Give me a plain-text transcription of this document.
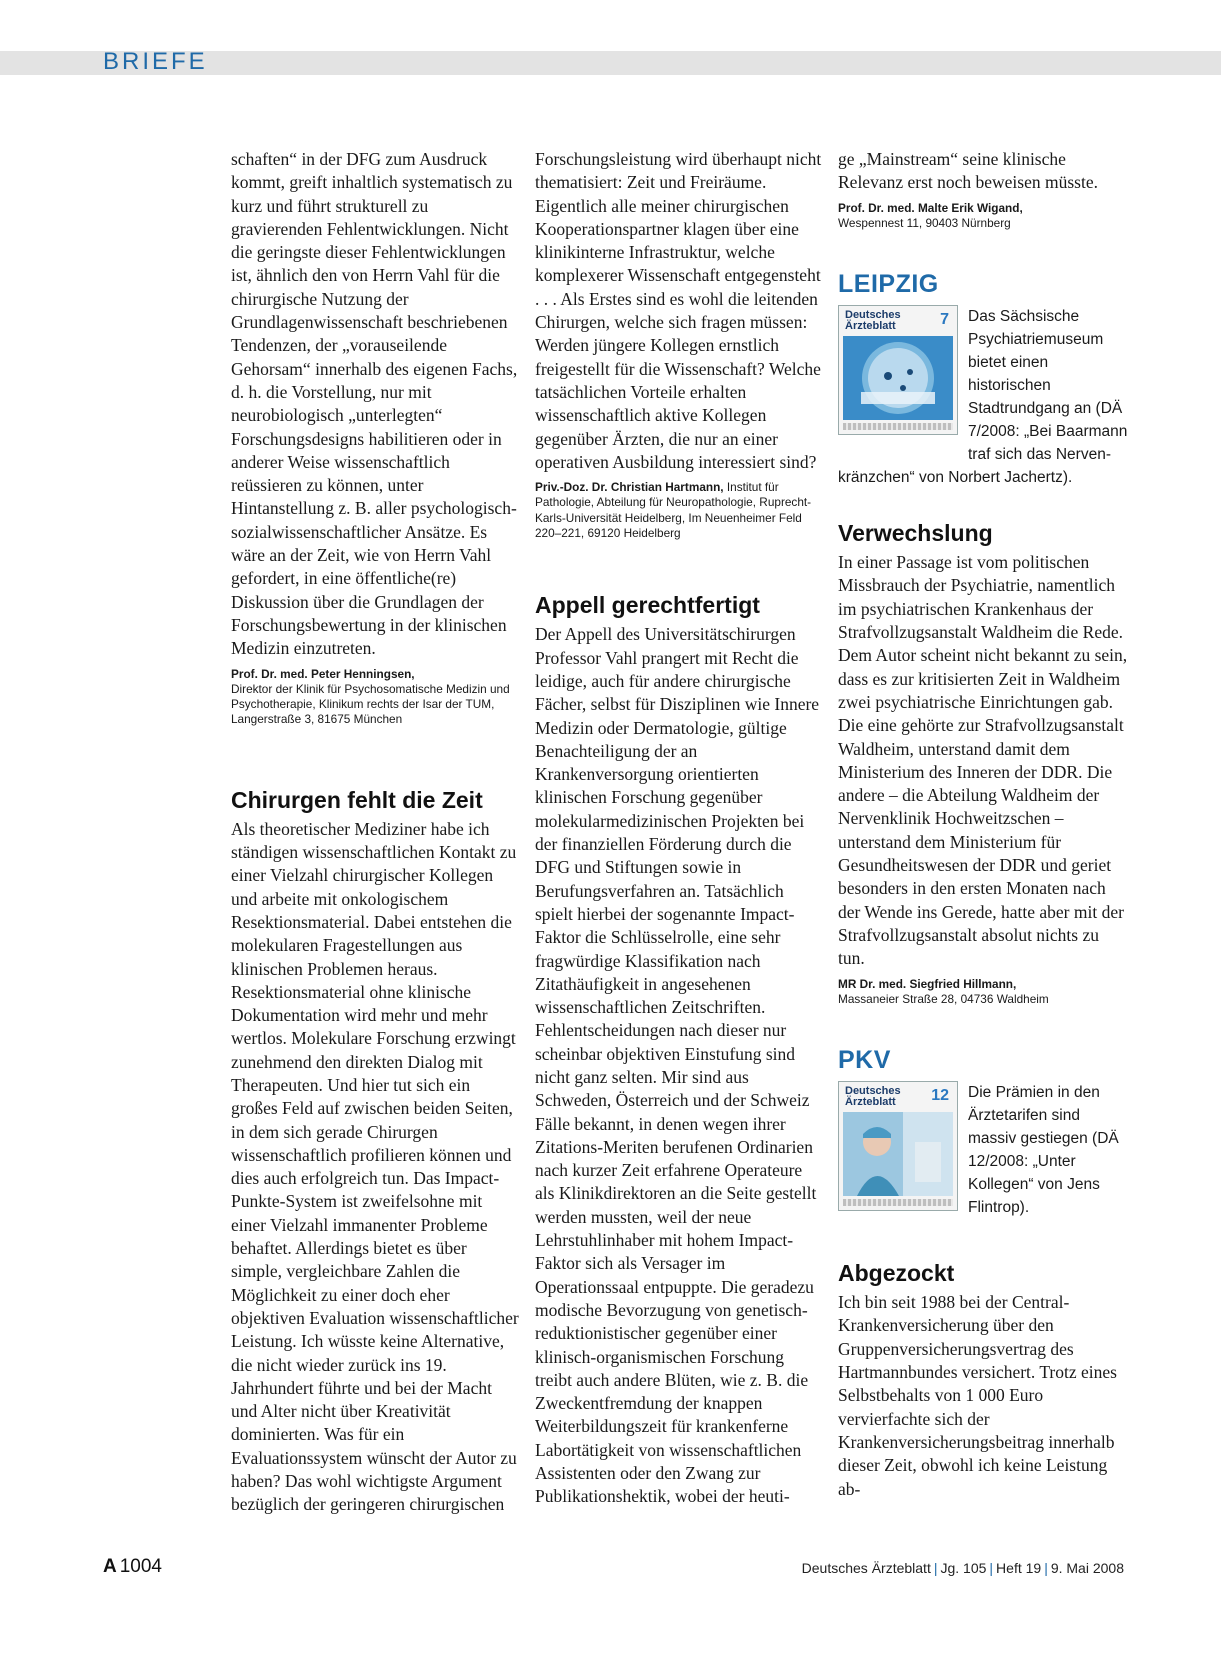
BRIEFE

schaften“ in der DFG zum Ausdruck kommt, greift inhaltlich systematisch zu kurz und führt strukturell zu gravierenden Fehlentwicklungen. Nicht die geringste dieser Fehlentwicklungen ist, ähnlich den von Herrn Vahl für die chirurgische Nutzung der Grundlagenwissenschaft beschriebenen Tendenzen, der „vorauseilende Gehorsam“ innerhalb des eigenen Fachs, d. h. die Vorstellung, nur mit neurobiologisch „unterlegten“ Forschungsdesigns habilitieren oder in anderer Weise wissenschaftlich reüssieren zu können, unter Hintanstellung z. B. aller psychologisch-sozialwissenschaftlicher Ansätze. Es wäre an der Zeit, wie von Herrn Vahl gefordert, in eine öffentliche(re) Diskussion über die Grundlagen der Forschungsbewertung in der klinischen Medizin einzutreten.

Prof. Dr. med. Peter Henningsen,
Direktor der Klinik für Psychosomatische Medizin und Psychotherapie, Klinikum rechts der Isar der TUM, Langerstraße 3, 81675 München

Chirurgen fehlt die Zeit

Als theoretischer Mediziner habe ich ständigen wissenschaftlichen Kontakt zu einer Vielzahl chirurgischer Kollegen und arbeite mit onkologischem Resektionsmaterial. Dabei entstehen die molekularen Fragestellungen aus klinischen Problemen heraus. Resektionsmaterial ohne klinische Dokumentation wird mehr und mehr wertlos. Molekulare Forschung erzwingt zunehmend den direkten Dialog mit Therapeuten. Und hier tut sich ein großes Feld auf zwischen beiden Seiten, in dem sich gerade Chirurgen wissenschaftlich profilieren können und dies auch erfolgreich tun. Das Impact-Punkte-System ist zweifelsohne mit einer Vielzahl immanenter Probleme behaftet. Allerdings bietet es über simple, vergleichbare Zahlen die Möglichkeit zu einer doch eher objektiven Evaluation wissenschaftlicher Leistung. Ich wüsste keine Alternative, die nicht wieder zurück ins 19. Jahrhundert führte und bei der Macht und Alter nicht über Kreativität dominierten. Was für ein Evaluationssystem wünscht der Autor zu haben? Das wohl wichtigste Argument bezüglich der geringeren chirurgischen

Forschungsleistung wird überhaupt nicht thematisiert: Zeit und Freiräume. Eigentlich alle meiner chirurgischen Kooperationspartner klagen über eine klinikinterne Infrastruktur, welche komplexerer Wissenschaft entgegensteht . . . Als Erstes sind es wohl die leitenden Chirurgen, welche sich fragen müssen: Werden jüngere Kollegen ernstlich freigestellt für die Wissenschaft? Welche tatsächlichen Vorteile erhalten wissenschaftlich aktive Kollegen gegenüber Ärzten, die nur an einer operativen Ausbildung interessiert sind?

Priv.-Doz. Dr. Christian Hartmann, Institut für Pathologie, Abteilung für Neuropathologie, Ruprecht-Karls-Universität Heidelberg, Im Neuenheimer Feld 220–221, 69120 Heidelberg

Appell gerechtfertigt

Der Appell des Universitätschirurgen Professor Vahl prangert mit Recht die leidige, auch für andere chirurgische Fächer, selbst für Disziplinen wie Innere Medizin oder Dermatologie, gültige Benachteiligung der an Krankenversorgung orientierten klinischen Forschung gegenüber molekularmedizinischen Projekten bei der finanziellen Förderung durch die DFG und Stiftungen sowie in Berufungsverfahren an. Tatsächlich spielt hierbei der sogenannte Impact-Faktor die Schlüsselrolle, eine sehr fragwürdige Klassifikation nach Zitathäufigkeit in angesehenen wissenschaftlichen Zeitschriften. Fehlentscheidungen nach dieser nur scheinbar objektiven Einstufung sind nicht ganz selten. Mir sind aus Schweden, Österreich und der Schweiz Fälle bekannt, in denen wegen ihrer Zitations-Meriten berufenen Ordinarien nach kurzer Zeit erfahrene Operateure als Klinikdirektoren an die Seite gestellt werden mussten, weil der neue Lehrstuhlinhaber mit hohem Impact-Faktor sich als Versager im Operationssaal entpuppte. Die geradezu modische Bevorzugung von genetisch-reduktionistischer gegenüber einer klinisch-organismischen Forschung treibt auch andere Blüten, wie z. B. die Zweckentfremdung der knappen Weiterbildungszeit für krankenferne Labortätigkeit von wissenschaftlichen Assistenten oder den Zwang zur Publikationshektik, wobei der heuti-

ge „Mainstream“ seine klinische Relevanz erst noch beweisen müsste.

Prof. Dr. med. Malte Erik Wigand,
Wespennest 11, 90403 Nürnberg

LEIPZIG
Deutsches Ärzteblatt	7 Das Sächsische Psychiatriemuseum bietet einen historischen Stadtrundgang an (DÄ 7/2008: „Bei Baarmann traf sich das Nerven-

kränzchen“ von Norbert Jachertz).

Verwechslung

In einer Passage ist vom politischen Missbrauch der Psychiatrie, namentlich im psychiatrischen Krankenhaus der Strafvollzugsanstalt Waldheim die Rede. Dem Autor scheint nicht bekannt zu sein, dass es zur kritisierten Zeit in Waldheim zwei psychiatrische Einrichtungen gab. Die eine gehörte zur Strafvollzugsanstalt Waldheim, unterstand damit dem Ministerium des Inneren der DDR. Die andere – die Abteilung Waldheim der Nervenklinik Hochweitzschen – unterstand dem Ministerium für Gesundheitswesen der DDR und geriet besonders in den ersten Monaten nach der Wende ins Gerede, hatte aber mit der Strafvollzugsanstalt absolut nichts zu tun.

MR Dr. med. Siegfried Hillmann,
Massaneier Straße 28, 04736 Waldheim

PKV
Deutsches Ärzteblatt	12 Die Prämien in den Ärztetarifen sind massiv gestiegen (DÄ 12/2008: „Unter Kollegen“ von Jens Flintrop).

Abgezockt

Ich bin seit 1988 bei der Central-Krankenversicherung über den Gruppenversicherungsvertrag des Hartmannbundes versichert. Trotz eines Selbstbehalts von 1 000 Euro vervierfachte sich der Krankenversicherungsbeitrag innerhalb dieser Zeit, obwohl ich keine Leistung ab-

A 1004	Deutsches Ärzteblatt | Jg. 105 | Heft 19 | 9. Mai 2008
